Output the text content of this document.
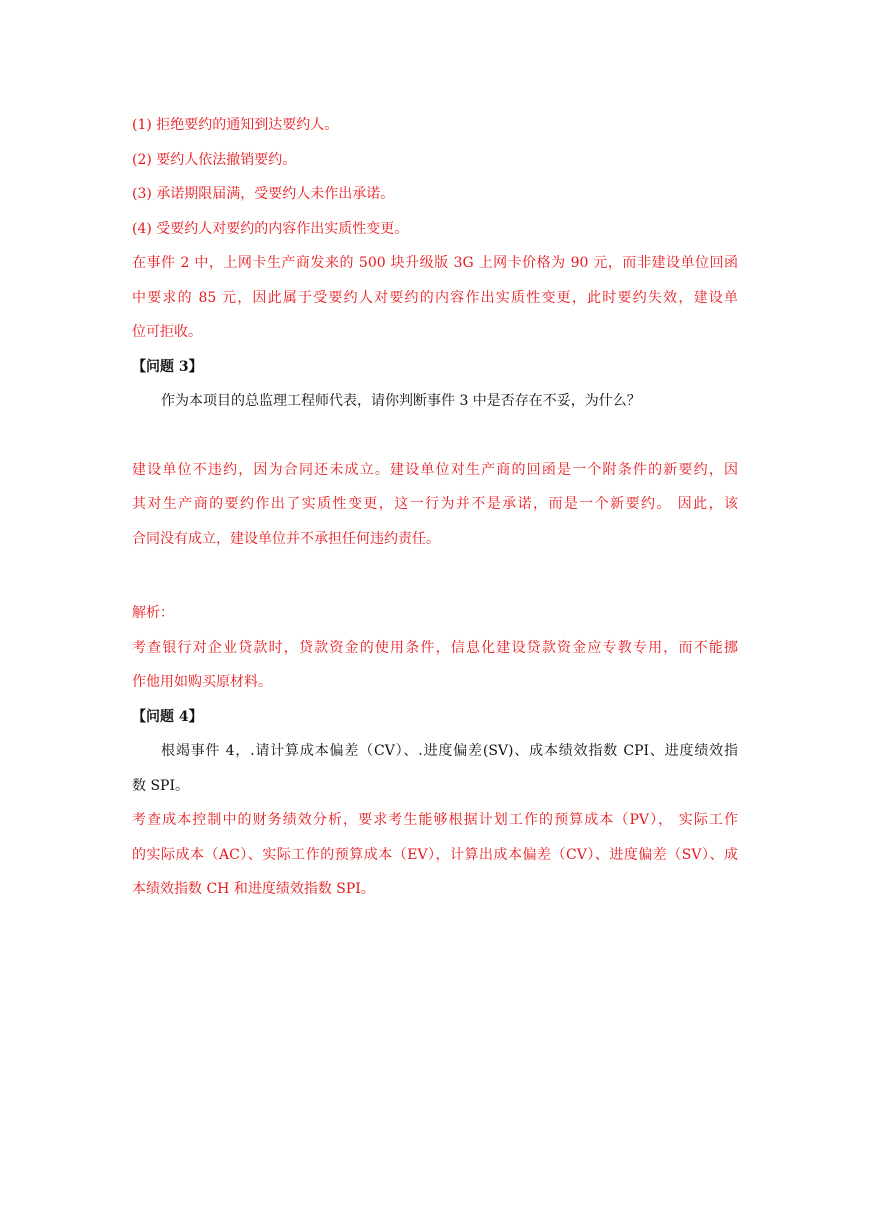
(1) 拒绝要约的通知到达要约人。

(2) 要约人依法撤销要约。

(3) 承诺期限届满，受要约人未作出承诺。

(4) 受要约人对要约的内容作出实质性变更。

在事件 2 中，上网卡生产商发来的 500 块升级版 3G 上网卡价格为 90 元，而非建设单位回函

中要求的 85 元，因此属于受要约人对要约的内容作出实质性变更，此时要约失效，建设单

位可拒收。

【问题 3】

作为本项目的总监理工程师代表，请你判断事件 3 中是否存在不妥，为什么？

建设单位不违约，因为合同还未成立。建设单位对生产商的回函是一个附条件的新要约，因

其对生产商的要约作出了实质性变更，这一行为并不是承诺，而是一个新要约。 因此，该

合同没有成立，建设单位并不承担任何违约责任。

解析：

考查银行对企业贷款时，贷款资金的使用条件，信息化建设贷款资金应专教专用，而不能挪

作他用如购买原材料。

【问题 4】

根竭事件 4，.请计算成本偏差（CV）、.进度偏差(SV)、成本绩效指数 CPI、进度绩效指

数 SPI。

考查成本控制中的财务绩效分析，要求考生能够根据计划工作的预算成本（PV）， 实际工作

的实际成本（AC）、实际工作的预算成本（EV），计算出成本偏差（CV）、进度偏差（SV）、成

本绩效指数 CH 和进度绩效指数 SPI。
